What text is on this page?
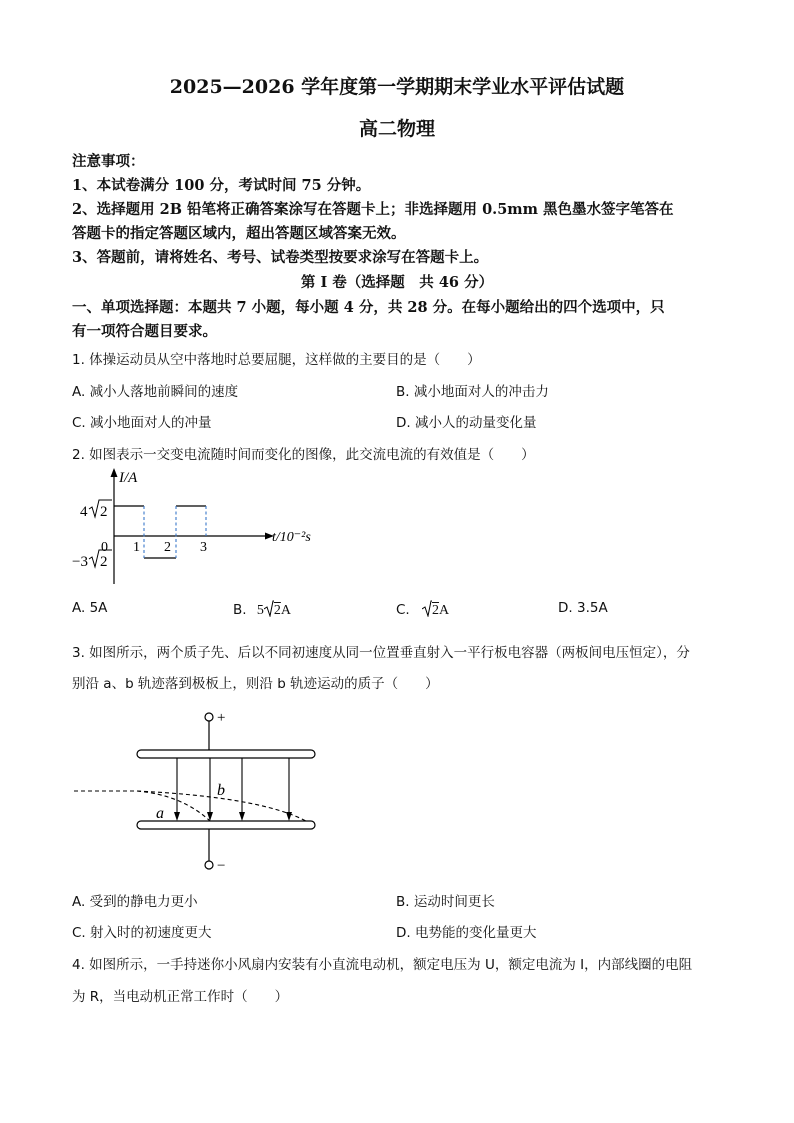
2025—2026 学年度第一学期期末学业水平评估试题
高二物理
注意事项：
1、本试卷满分 100 分，考试时间 75 分钟。
2、选择题用 2B 铅笔将正确答案涂写在答题卡上；非选择题用 0.5mm 黑色墨水签字笔答在
答题卡的指定答题区域内，超出答题区域答案无效。
3、答题前，请将姓名、考号、试卷类型按要求涂写在答题卡上。
第 I 卷（选择题　共 46 分）
一、单项选择题：本题共 7 小题，每小题 4 分，共 28 分。在每小题给出的四个选项中，只
有一项符合题目要求。
1. 体操运动员从空中落地时总要屈腿，这样做的主要目的是（　　）
A. 减小人落地前瞬间的速度	B. 减小地面对人的冲击力
C. 减小地面对人的冲量	D. 减小人的动量变化量
2. 如图表示一交变电流随时间而变化的图像，此交流电流的有效值是（　　）
I/A
t/10⁻²s
0 1 2 3
4 2
−3 2
A. 5A	B. 5 2A	C. 2A	D. 3.5A
3. 如图所示，两个质子先、后以不同初速度从同一位置垂直射入一平行板电容器（两板间电压恒定），分
别沿 a、b 轨迹落到极板上，则沿 b 轨迹运动的质子（　　）
+
−
a
b
A. 受到的静电力更小	B. 运动时间更长
C. 射入时的初速度更大	D. 电势能的变化量更大
4. 如图所示，一手持迷你小风扇内安装有小直流电动机，额定电压为 U，额定电流为 I，内部线圈的电阻
为 R，当电动机正常工作时（　　）
